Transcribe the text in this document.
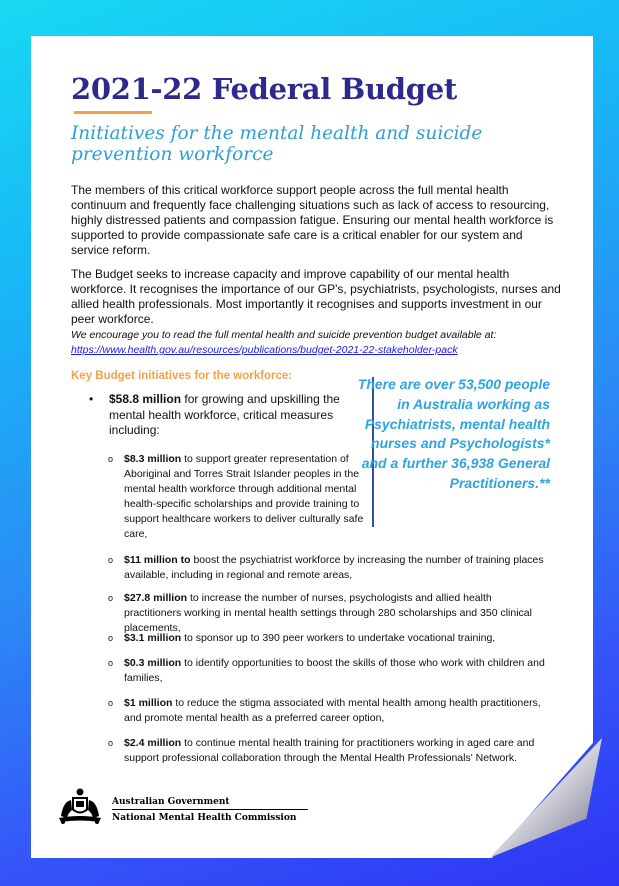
2021-22 Federal Budget
Initiatives for the mental health and suicide prevention workforce

The members of this critical workforce support people across the full mental health continuum and frequently face challenging situations such as lack of access to resourcing, highly distressed patients and compassion fatigue. Ensuring our mental health workforce is supported to provide compassionate safe care is a critical enabler for our system and service reform.

The Budget seeks to increase capacity and improve capability of our mental health workforce. It recognises the importance of our GP's, psychiatrists, psychologists, nurses and allied health professionals. Most importantly it recognises and supports investment in our peer workforce.

We encourage you to read the full mental health and suicide prevention budget available at:
https://www.health.gov.au/resources/publications/budget-2021-22-stakeholder-pack

Key Budget initiatives for the workforce:
• $58.8 million for growing and upskilling the mental health workforce, critical measures including:
o $8.3 million to support greater representation of Aboriginal and Torres Strait Islander peoples in the mental health workforce through additional mental health-specific scholarships and provide training to support healthcare workers to deliver culturally safe care,
o $11 million to boost the psychiatrist workforce by increasing the number of training places available, including in regional and remote areas,
o $27.8 million to increase the number of nurses, psychologists and allied health practitioners working in mental health settings through 280 scholarships and 350 clinical placements,
o $3.1 million to sponsor up to 390 peer workers to undertake vocational training,
o $0.3 million to identify opportunities to boost the skills of those who work with children and families,
o $1 million to reduce the stigma associated with mental health among health practitioners, and promote mental health as a preferred career option,
o $2.4 million to continue mental health training for practitioners working in aged care and support professional collaboration through the Mental Health Professionals' Network.

There are over 53,500 people in Australia working as Psychiatrists, mental health nurses and Psychologists* and a further 36,938 General Practitioners.**

Australian Government
National Mental Health Commission
